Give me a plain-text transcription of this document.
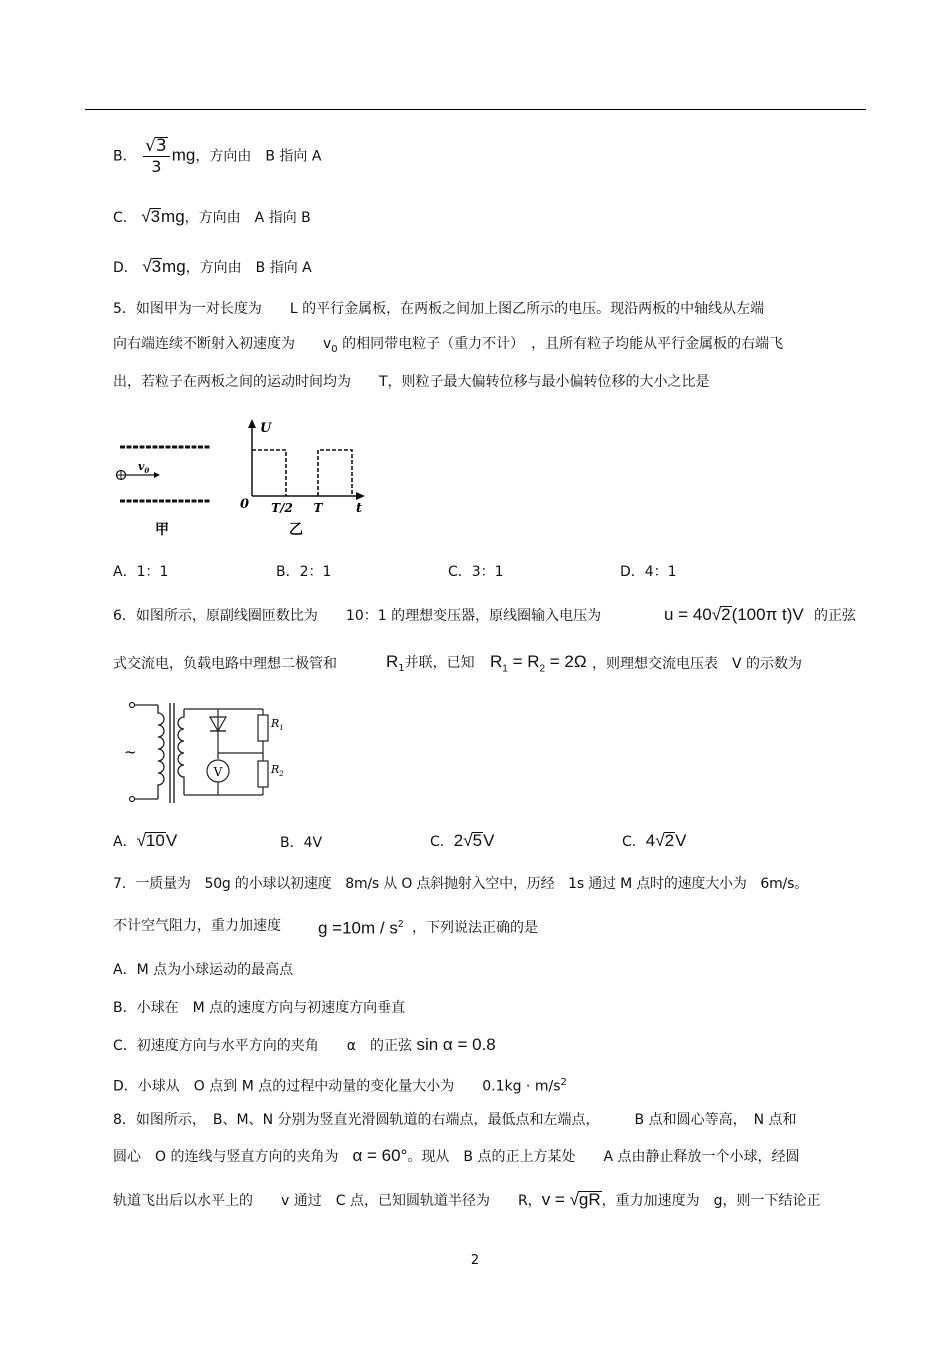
B． $\frac{√3}{3}$ mg，方向由　B 指向 A
C． √3mg，方向由　A 指向 B
D． √3mg，方向由　B 指向 A
5．如图甲为一对长度为　　L 的平行金属板，在两板之间加上图乙所示的电压。现沿两板的中轴线从左端
向右端连续不断射入初速度为　　$v_0$ 的相同带电粒子（重力不计）　，且所有粒子均能从平行金属板的右端飞
出，若粒子在两板之间的运动时间均为　　T，则粒子最大偏转位移与最小偏转位移的大小之比是
$v_0$
甲
U
0 T/2 T	t
乙
A．1：1	B．2：1	C．3：1	D．4：1
6．如图所示，原副线圈匝数比为　　10：1 的理想变压器，原线圈输入电压为	u = 40√2(100π t)V 的正弦
式交流电，负载电路中理想二极管和	$R_1$并联，已知 $R_1 = R_2 = 2\Omega$ ，则理想交流电压表　V 的示数为
V
~
$R_1$
$R_2$
A．√10V	B．4V	C．2√5V	C．4√2V
7．一质量为　50g 的小球以初速度　8m/s 从 O 点斜抛射入空中，历经　1s 通过 M 点时的速度大小为　6m/s。
不计空气阻力，重力加速度 $g =10m / s^2$ ，下列说法正确的是
A．M 点为小球运动的最高点
B．小球在　M 点的速度方向与初速度方向垂直
C．初速度方向与水平方向的夹角　　α　的正弦 sin α = 0.8
D．小球从　O 点到 M 点的过程中动量的变化量大小为　　$0.1kg \cdot m/s^2$
8．如图所示，　B、M、N 分别为竖直光滑圆轨道的右端点，最低点和左端点，　　　B 点和圆心等高，　N 点和
圆心　O 的连线与竖直方向的夹角为　 α = 60°。现从　B 点的正上方某处　　A 点由静止释放一个小球，经圆
轨道飞出后以水平上的　　v 通过　C 点，已知圆轨道半径为　　R，v = √gR，重力加速度为　g，则一下结论正
2
